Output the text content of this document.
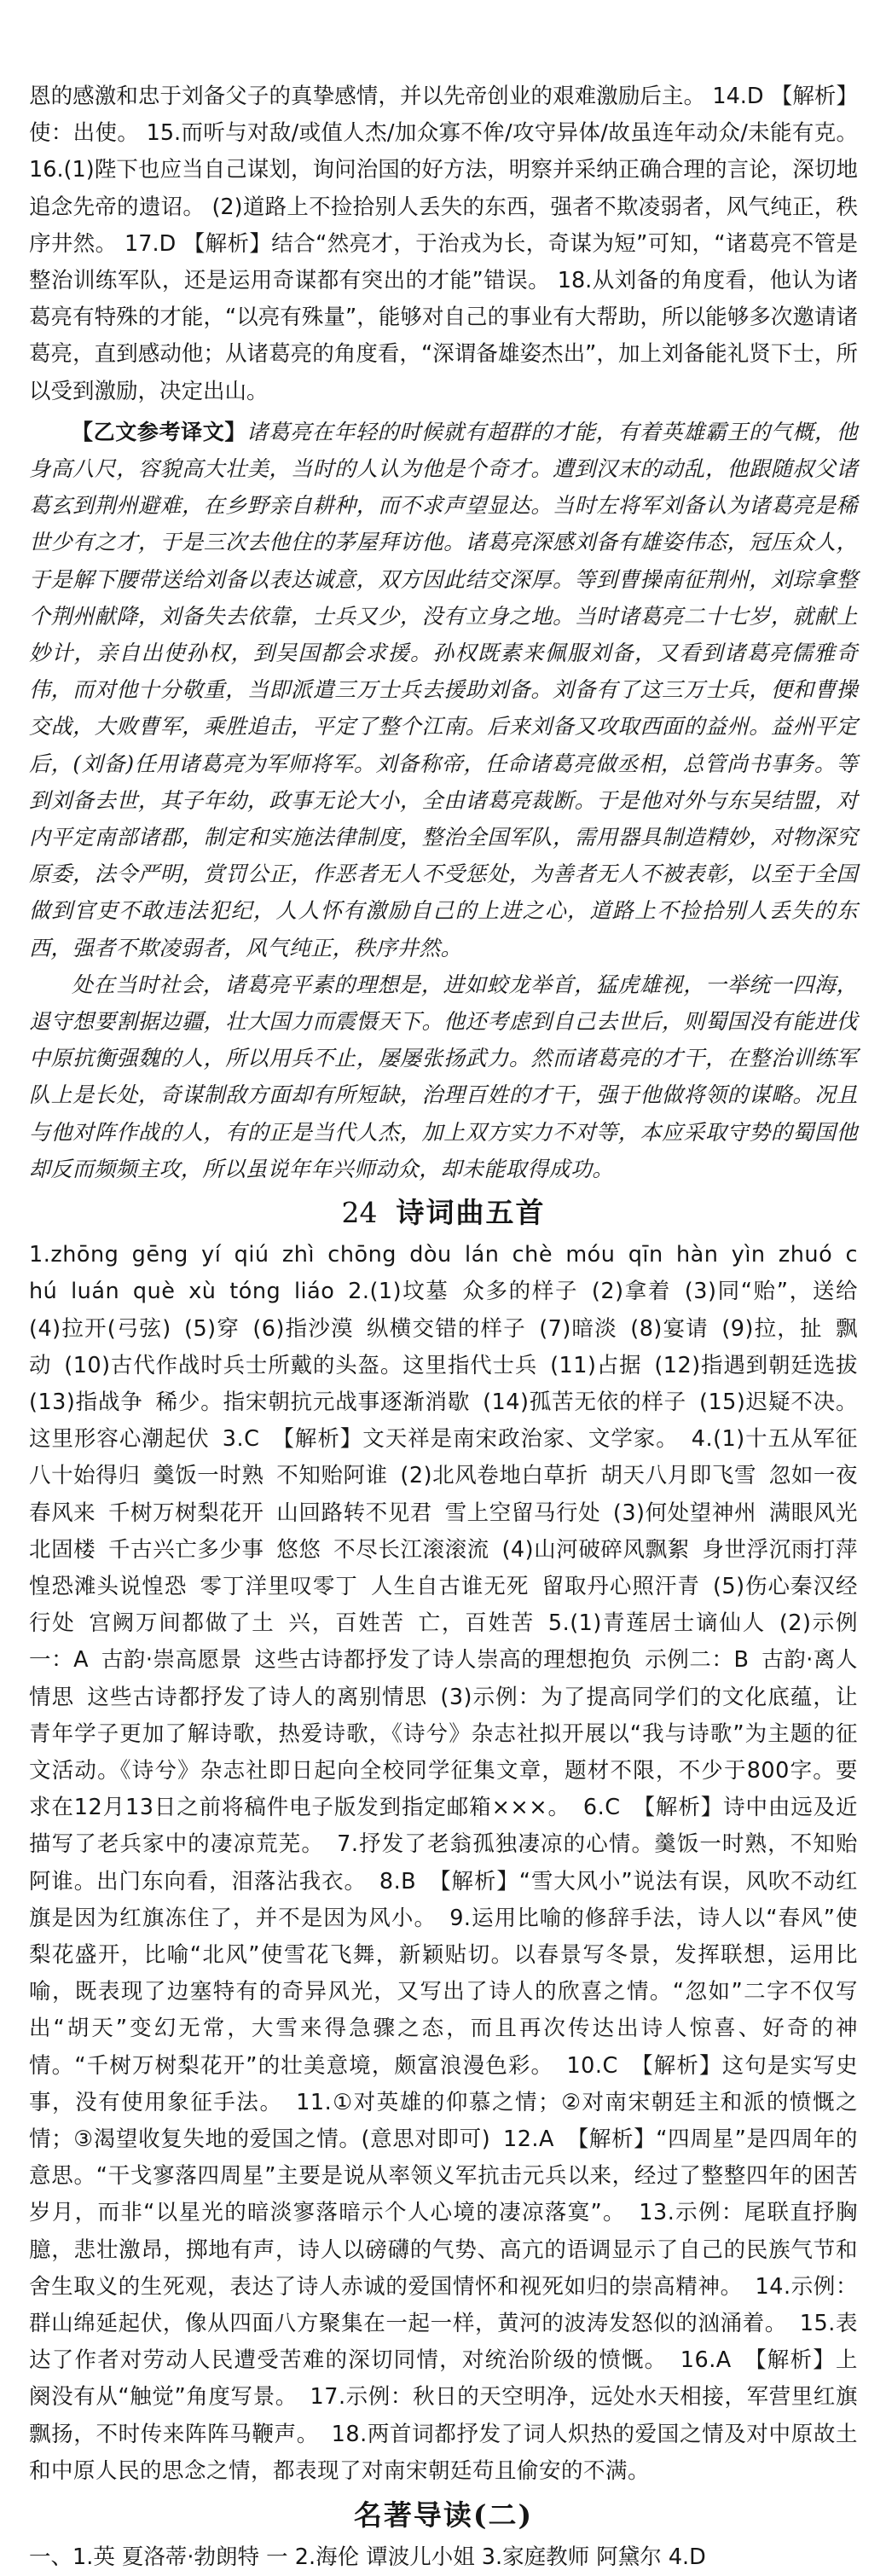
恩的感激和忠于刘备父子的真挚感情，并以先帝创业的艰难激励后主。 14.D 【解析】使：出使。 15.而听与对敌/或值人杰/加众寡不侔/攻守异体/故虽连年动众/未能有克。 16.(1)陛下也应当自己谋划，询问治国的好方法，明察并采纳正确合理的言论，深切地追念先帝的遗诏。 (2)道路上不捡拾别人丢失的东西，强者不欺凌弱者，风气纯正，秩序井然。 17.D 【解析】结合“然亮才，于治戎为长，奇谋为短”可知，“诸葛亮不管是整治训练军队，还是运用奇谋都有突出的才能”错误。 18.从刘备的角度看，他认为诸葛亮有特殊的才能，“以亮有殊量”，能够对自己的事业有大帮助，所以能够多次邀请诸葛亮，直到感动他；从诸葛亮的角度看，“深谓备雄姿杰出”，加上刘备能礼贤下士，所以受到激励，决定出山。

【乙文参考译文】诸葛亮在年轻的时候就有超群的才能，有着英雄霸王的气概，他身高八尺，容貌高大壮美，当时的人认为他是个奇才。遭到汉末的动乱，他跟随叔父诸葛玄到荆州避难，在乡野亲自耕种，而不求声望显达。当时左将军刘备认为诸葛亮是稀世少有之才，于是三次去他住的茅屋拜访他。诸葛亮深感刘备有雄姿伟态，冠压众人，于是解下腰带送给刘备以表达诚意，双方因此结交深厚。等到曹操南征荆州，刘琮拿整个荆州献降，刘备失去依靠，士兵又少，没有立身之地。当时诸葛亮二十七岁，就献上妙计，亲自出使孙权，到吴国都会求援。孙权既素来佩服刘备，又看到诸葛亮儒雅奇伟，而对他十分敬重，当即派遣三万士兵去援助刘备。刘备有了这三万士兵，便和曹操交战，大败曹军，乘胜追击，平定了整个江南。后来刘备又攻取西面的益州。益州平定后，(刘备)任用诸葛亮为军师将军。刘备称帝，任命诸葛亮做丞相，总管尚书事务。等到刘备去世，其子年幼，政事无论大小，全由诸葛亮裁断。于是他对外与东吴结盟，对内平定南部诸郡，制定和实施法律制度，整治全国军队，需用器具制造精妙，对物深究原委，法令严明，赏罚公正，作恶者无人不受惩处，为善者无人不被表彰，以至于全国做到官吏不敢违法犯纪，人人怀有激励自己的上进之心，道路上不捡拾别人丢失的东西，强者不欺凌弱者，风气纯正，秩序井然。

处在当时社会，诸葛亮平素的理想是，进如蛟龙举首，猛虎雄视，一举统一四海，退守想要割据边疆，壮大国力而震慑天下。他还考虑到自己去世后，则蜀国没有能进伐中原抗衡强魏的人，所以用兵不止，屡屡张扬武力。然而诸葛亮的才干，在整治训练军队上是长处，奇谋制敌方面却有所短缺，治理百姓的才干，强于他做将领的谋略。况且与他对阵作战的人，有的正是当代人杰，加上双方实力不对等，本应采取守势的蜀国他却反而频频主攻，所以虽说年年兴师动众，却未能取得成功。

24 诗词曲五首

1.zhōng gēng yí qiú zhì chōng dòu lán chè móu qīn hàn yìn zhuó chú luán què xù tóng liáo 2.(1)坟墓 众多的样子 (2)拿着 (3)同“贻”，送给 (4)拉开(弓弦) (5)穿 (6)指沙漠 纵横交错的样子 (7)暗淡 (8)宴请 (9)拉，扯 飘动 (10)古代作战时兵士所戴的头盔。这里指代士兵 (11)占据 (12)指遇到朝廷选拔 (13)指战争 稀少。指宋朝抗元战事逐渐消歇 (14)孤苦无依的样子 (15)迟疑不决。这里形容心潮起伏 3.C 【解析】文天祥是南宋政治家、文学家。 4.(1)十五从军征 八十始得归 羹饭一时熟 不知贻阿谁 (2)北风卷地白草折 胡天八月即飞雪 忽如一夜春风来 千树万树梨花开 山回路转不见君 雪上空留马行处 (3)何处望神州 满眼风光北固楼 千古兴亡多少事 悠悠 不尽长江滚滚流 (4)山河破碎风飘絮 身世浮沉雨打萍 惶恐滩头说惶恐 零丁洋里叹零丁 人生自古谁无死 留取丹心照汗青 (5)伤心秦汉经行处 宫阙万间都做了土 兴，百姓苦 亡，百姓苦 5.(1)青莲居士谪仙人 (2)示例一：A 古韵·崇高愿景 这些古诗都抒发了诗人崇高的理想抱负 示例二：B 古韵·离人情思 这些古诗都抒发了诗人的离别情思 (3)示例：为了提高同学们的文化底蕴，让青年学子更加了解诗歌，热爱诗歌，《诗兮》杂志社拟开展以“我与诗歌”为主题的征文活动。《诗兮》杂志社即日起向全校同学征集文章，题材不限，不少于800字。要求在12月13日之前将稿件电子版发到指定邮箱×××。 6.C 【解析】诗中由远及近描写了老兵家中的凄凉荒芜。 7.抒发了老翁孤独凄凉的心情。羹饭一时熟，不知贻阿谁。出门东向看，泪落沾我衣。 8.B 【解析】“雪大风小”说法有误，风吹不动红旗是因为红旗冻住了，并不是因为风小。 9.运用比喻的修辞手法，诗人以“春风”使梨花盛开，比喻“北风”使雪花飞舞，新颖贴切。以春景写冬景，发挥联想，运用比喻，既表现了边塞特有的奇异风光，又写出了诗人的欣喜之情。“忽如”二字不仅写出“胡天”变幻无常，大雪来得急骤之态，而且再次传达出诗人惊喜、好奇的神情。“千树万树梨花开”的壮美意境，颇富浪漫色彩。 10.C 【解析】这句是实写史事，没有使用象征手法。 11.①对英雄的仰慕之情；②对南宋朝廷主和派的愤慨之情；③渴望收复失地的爱国之情。(意思对即可) 12.A 【解析】“四周星”是四周年的意思。“干戈寥落四周星”主要是说从率领义军抗击元兵以来，经过了整整四年的困苦岁月，而非“以星光的暗淡寥落暗示个人心境的凄凉落寞”。 13.示例：尾联直抒胸臆，悲壮激昂，掷地有声，诗人以磅礴的气势、高亢的语调显示了自己的民族气节和舍生取义的生死观，表达了诗人赤诚的爱国情怀和视死如归的崇高精神。 14.示例：群山绵延起伏，像从四面八方聚集在一起一样，黄河的波涛发怒似的汹涌着。 15.表达了作者对劳动人民遭受苦难的深切同情，对统治阶级的愤慨。 16.A 【解析】上阕没有从“触觉”角度写景。 17.示例：秋日的天空明净，远处水天相接，军营里红旗飘扬，不时传来阵阵马鞭声。 18.两首词都抒发了词人炽热的爱国之情及对中原故土和中原人民的思念之情，都表现了对南宋朝廷苟且偷安的不满。

名著导读(二)

一、1.英 夏洛蒂·勃朗特 一 2.海伦 谭波儿小姐 3.家庭教师 阿黛尔 4.D
